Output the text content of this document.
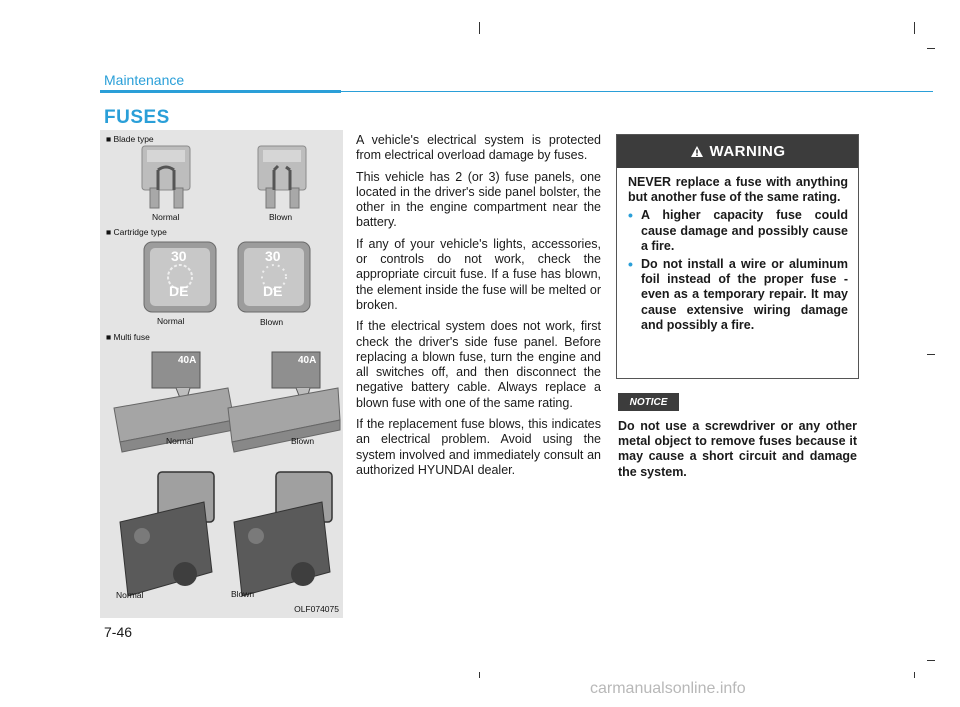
Maintenance
FUSES
■ Blade type
30
DE
30
DE
40A	40A
Normal	Blown
■ Cartridge type
Normal	Blown
■ Multi fuse
Normal	Blown
Normal	Blown
OLF074075

A vehicle's electrical system is protected from electrical overload damage by fuses.

This vehicle has 2 (or 3) fuse panels, one located in the driver's side panel bolster, the other in the engine compartment near the battery.

If any of your vehicle's lights, accessories, or controls do not work, check the appropriate circuit fuse. If a fuse has blown, the element inside the fuse will be melted or broken.

If the electrical system does not work, first check the driver's side fuse panel. Before replacing a blown fuse, turn the engine and all switches off, and then disconnect the negative battery cable. Always replace a blown fuse with one of the same rating.

If the replacement fuse blows, this indicates an electrical problem. Avoid using the system involved and immediately consult an authorized HYUNDAI dealer.

WARNING

NEVER replace a fuse with anything but another fuse of the same rating.

• A higher capacity fuse could cause damage and possibly cause a fire.
• Do not install a wire or aluminum foil instead of the proper fuse - even as a temporary repair. It may cause extensive wiring damage and possibly a fire.
NOTICE
Do not use a screwdriver or any other metal object to remove fuses because it may cause a short circuit and damage the system.
7-46
carmanualsonline.info
